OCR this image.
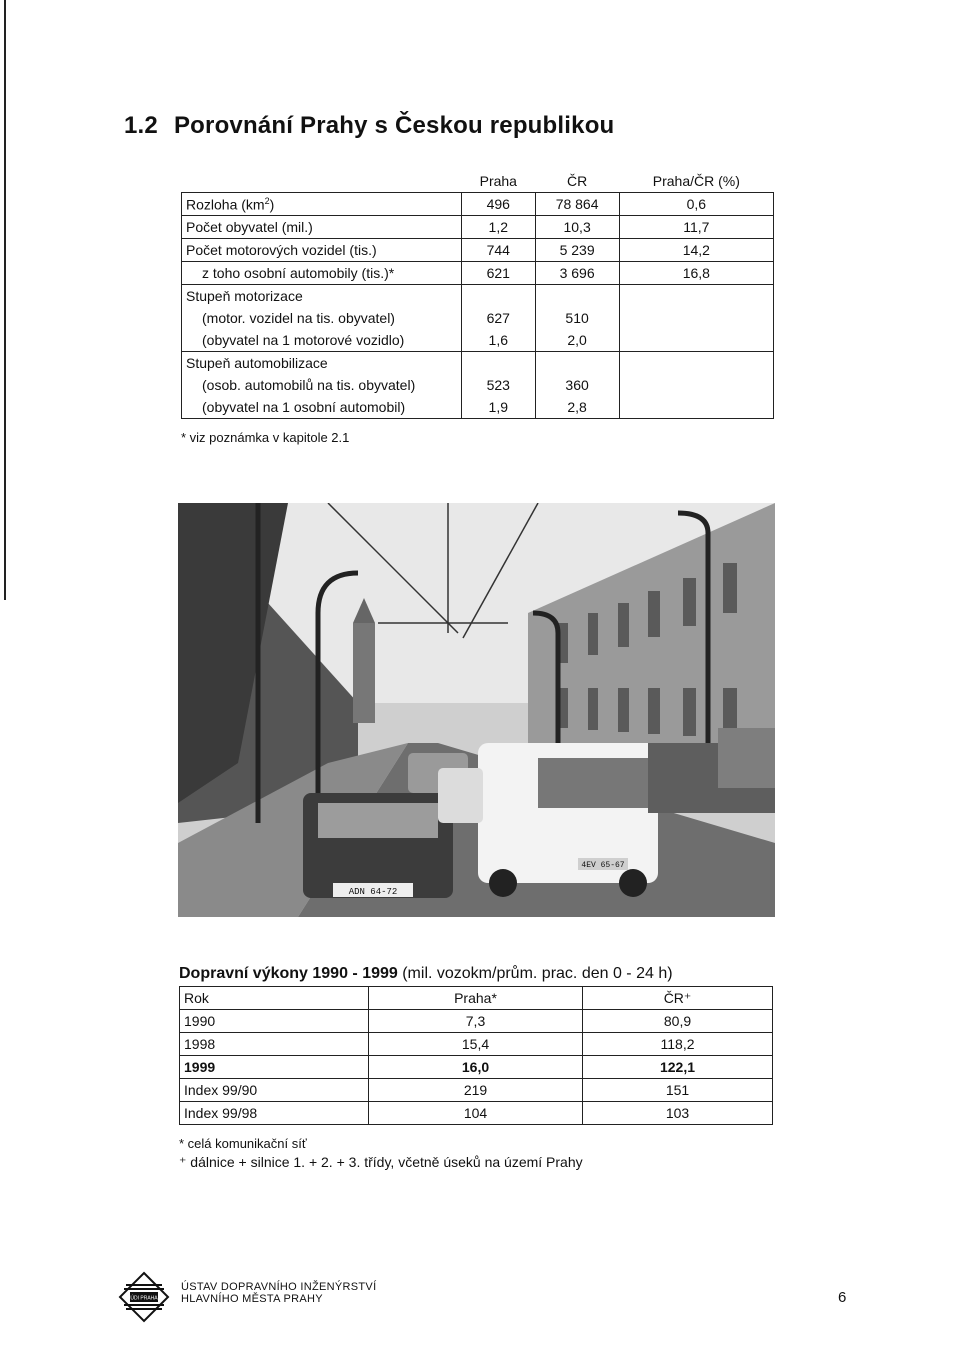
1.2 Porovnání Prahy s Českou republikou
	Praha	ČR	Praha/ČR (%)
Rozloha $(km^2)$	496	78 864	0,6
Počet obyvatel (mil.)	1,2	10,3	11,7
Počet motorových vozidel (tis.)	744	5 239	14,2
z toho osobní automobily (tis.)*	621	3 696	16,8
Stupeň motorizace			
(motor. vozidel na tis. obyvatel)	627	510	
(obyvatel na 1 motorové vozidlo)	1,6	2,0	
Stupeň automobilizace			
(osob. automobilů na tis. obyvatel)	523	360	
(obyvatel na 1 osobní automobil)	1,9	2,8	
* viz poznámka v kapitole 2.1
ADN 64-72
4EV 65-67
Dopravní výkony 1990 - 1999 (mil. vozokm/prům. prac. den 0 - 24 h)
Rok	Praha*	ČR⁺
1990	7,3	80,9
1998	15,4	118,2
1999	16,0	122,1
Index 99/90	219	151
Index 99/98	104	103
* celá komunikační síť
⁺ dálnice + silnice 1. + 2. + 3. třídy, včetně úseků na území Prahy
ÚDI PRAHA
ÚSTAV DOPRAVNÍHO INŽENÝRSTVÍ
HLAVNÍHO MĚSTA PRAHY	6
